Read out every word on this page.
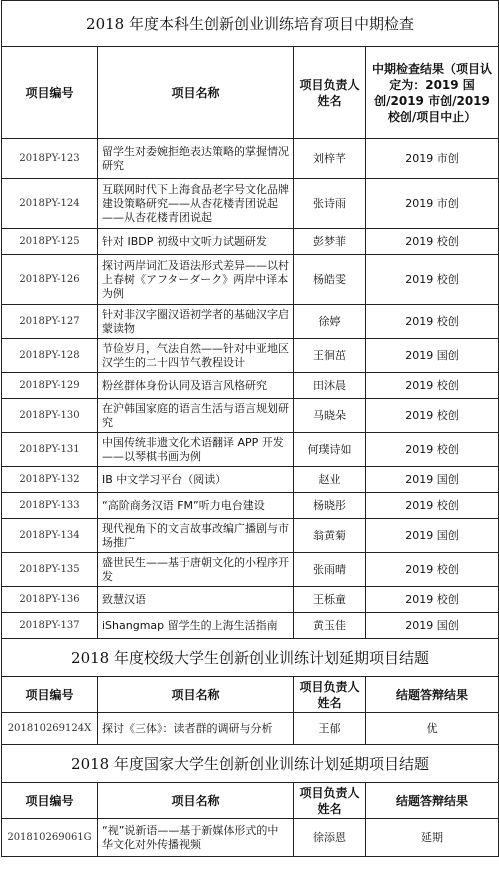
2018 年度本科生创新创业训练培育项目中期检查			
项目编号	项目名称	项目负责人姓名	中期检查结果（项目认定为：2019 国创/2019 市创/2019 校创/项目中止）
2018PY-123	留学生对委婉拒绝表达策略的掌握情况研究	刘梓芊	2019 市创
2018PY-124	互联网时代下上海食品老字号文化品牌建设策略研究——从杏花楼青团说起——从杏花楼青团说起	张诗雨	2019 市创
2018PY-125	针对 IBDP 初级中文听力试题研发	彭梦菲	2019 校创
2018PY-126	探讨两岸词汇及语法形式差异——以村上春树《アフターダーク》两岸中译本为例	杨皓雯	2019 校创
2018PY-127	针对非汉字圈汉语初学者的基础汉字启蒙读物	徐婷	2019 校创
2018PY-128	节俭岁月，气法自然——针对中亚地区汉学生的二十四节气教程设计	王徊茁	2019 国创
2018PY-129	粉丝群体身份认同及语言风格研究	田沐晨	2019 校创
2018PY-130	在沪韩国家庭的语言生活与语言规划研究	马晓朵	2019 校创
2018PY-131	中国传统非遗文化术语翻译 APP 开发——以琴棋书画为例	何璞诗如	2019 校创
2018PY-132	IB 中文学习平台（阅读）	赵业	2019 国创
2018PY-133	“高阶商务汉语 FM”听力电台建设	杨晓彤	2019 校创
2018PY-134	现代视角下的文言故事改编广播剧与市场推广	翁黄菊	2019 国创
2018PY-135	盛世民生——基于唐朝文化的小程序开发	张雨晴	2019 校创
2018PY-136	致慧汉语	王栎童	2019 校创
2018PY-137	iShangmap 留学生的上海生活指南	黄玉佳	2019 国创
2018 年度校级大学生创新创业训练计划延期项目结题			
项目编号	项目名称	项目负责人姓名	结题答辩结果
201810269124X	探讨《三体》：读者群的调研与分析	王郁	优
2018 年度国家大学生创新创业训练计划延期项目结题			
项目编号	项目名称	项目负责人姓名	结题答辩结果
201810269061G	“视”说新语——基于新媒体形式的中华文化对外传播视频	徐添恩	延期
